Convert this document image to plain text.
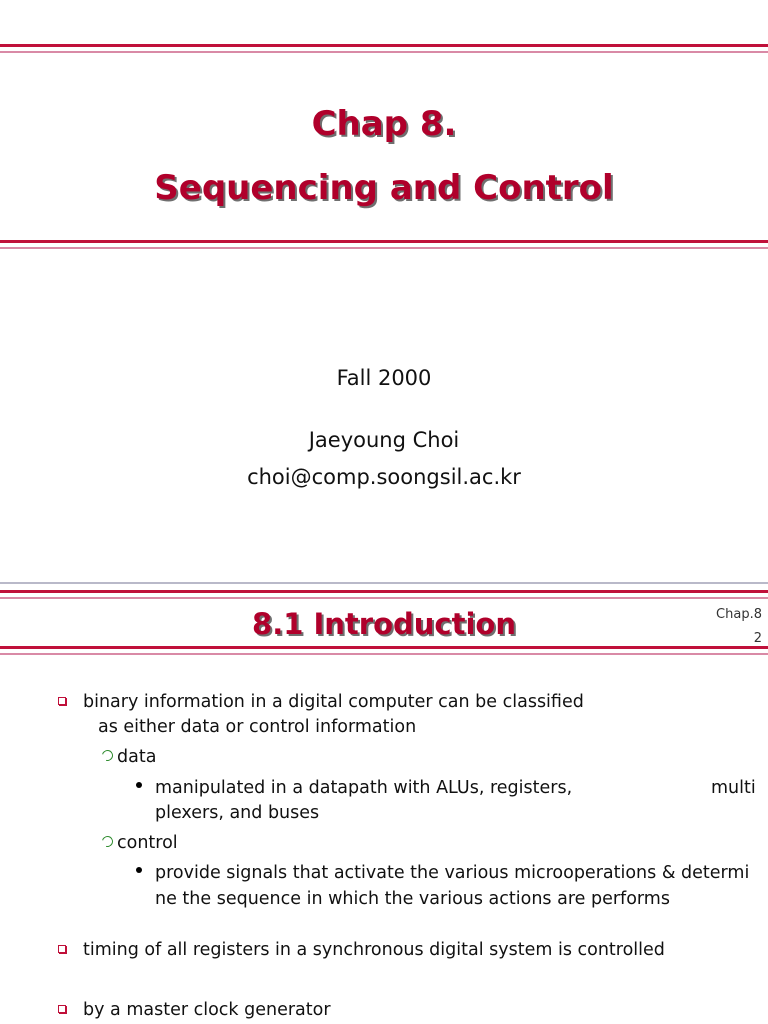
Chap 8.
Sequencing and Control
Fall 2000
Jaeyoung Choi
choi@comp.soongsil.ac.kr
8.1 Introduction	Chap.8
2
binary information in a digital computer can be classified
as either data or control information
data
manipulated in a datapath with ALUs, registers,	multi
plexers, and buses
control
provide signals that activate the various microoperations & determi
ne the sequence in which the various actions are performs
timing of all registers in a synchronous digital system is controlled
by a master clock generator
